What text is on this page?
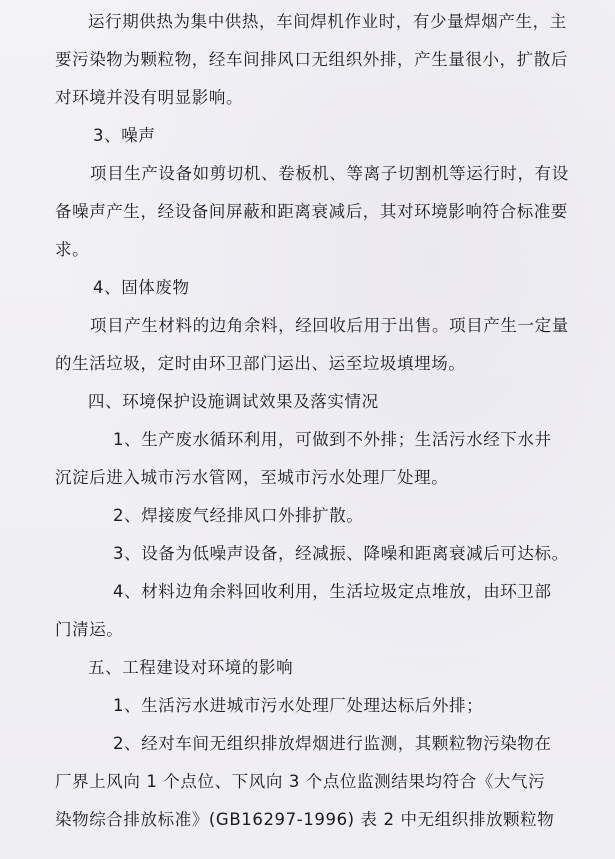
运行期供热为集中供热，车间焊机作业时，有少量焊烟产生，主
要污染物为颗粒物，经车间排风口无组织外排，产生量很小，扩散后
对环境并没有明显影响。
3、噪声
项目生产设备如剪切机、卷板机、等离子切割机等运行时，有设
备噪声产生，经设备间屏蔽和距离衰减后，其对环境影响符合标准要
求。
4、固体废物
项目产生材料的边角余料，经回收后用于出售。项目产生一定量
的生活垃圾，定时由环卫部门运出、运至垃圾填埋场。
四、环境保护设施调试效果及落实情况
1、生产废水循环利用，可做到不外排；生活污水经下水井
沉淀后进入城市污水管网，至城市污水处理厂处理。
2、焊接废气经排风口外排扩散。
3、设备为低噪声设备，经减振、降噪和距离衰减后可达标。
4、材料边角余料回收利用，生活垃圾定点堆放，由环卫部
门清运。
五、工程建设对环境的影响
1、生活污水进城市污水处理厂处理达标后外排；
2、经对车间无组织排放焊烟进行监测，其颗粒物污染物在
厂界上风向 1 个点位、下风向 3 个点位监测结果均符合《大气污
染物综合排放标准》(GB16297-1996) 表 2 中无组织排放颗粒物
